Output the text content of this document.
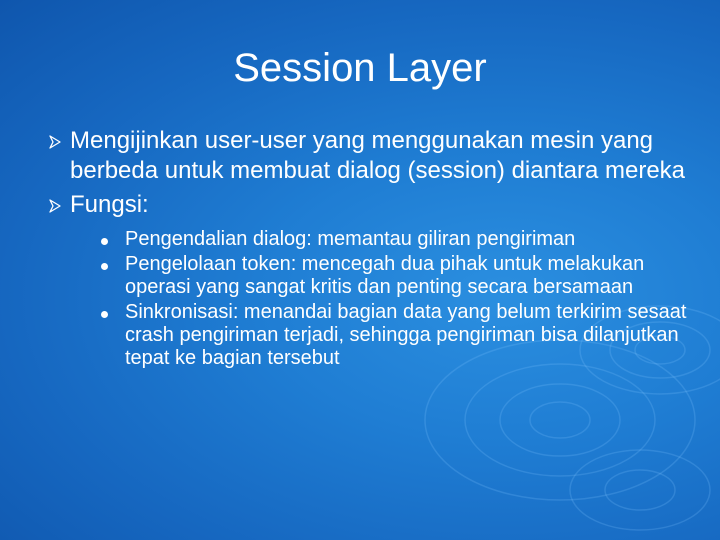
Session Layer
Mengijinkan user-user yang menggunakan mesin yang berbeda untuk membuat dialog (session) diantara mereka
Fungsi:
Pengendalian dialog: memantau giliran pengiriman
Pengelolaan token: mencegah dua pihak untuk melakukan operasi yang sangat kritis dan penting secara bersamaan
Sinkronisasi: menandai bagian data yang belum terkirim sesaat crash pengiriman terjadi, sehingga pengiriman bisa dilanjutkan tepat ke bagian tersebut
